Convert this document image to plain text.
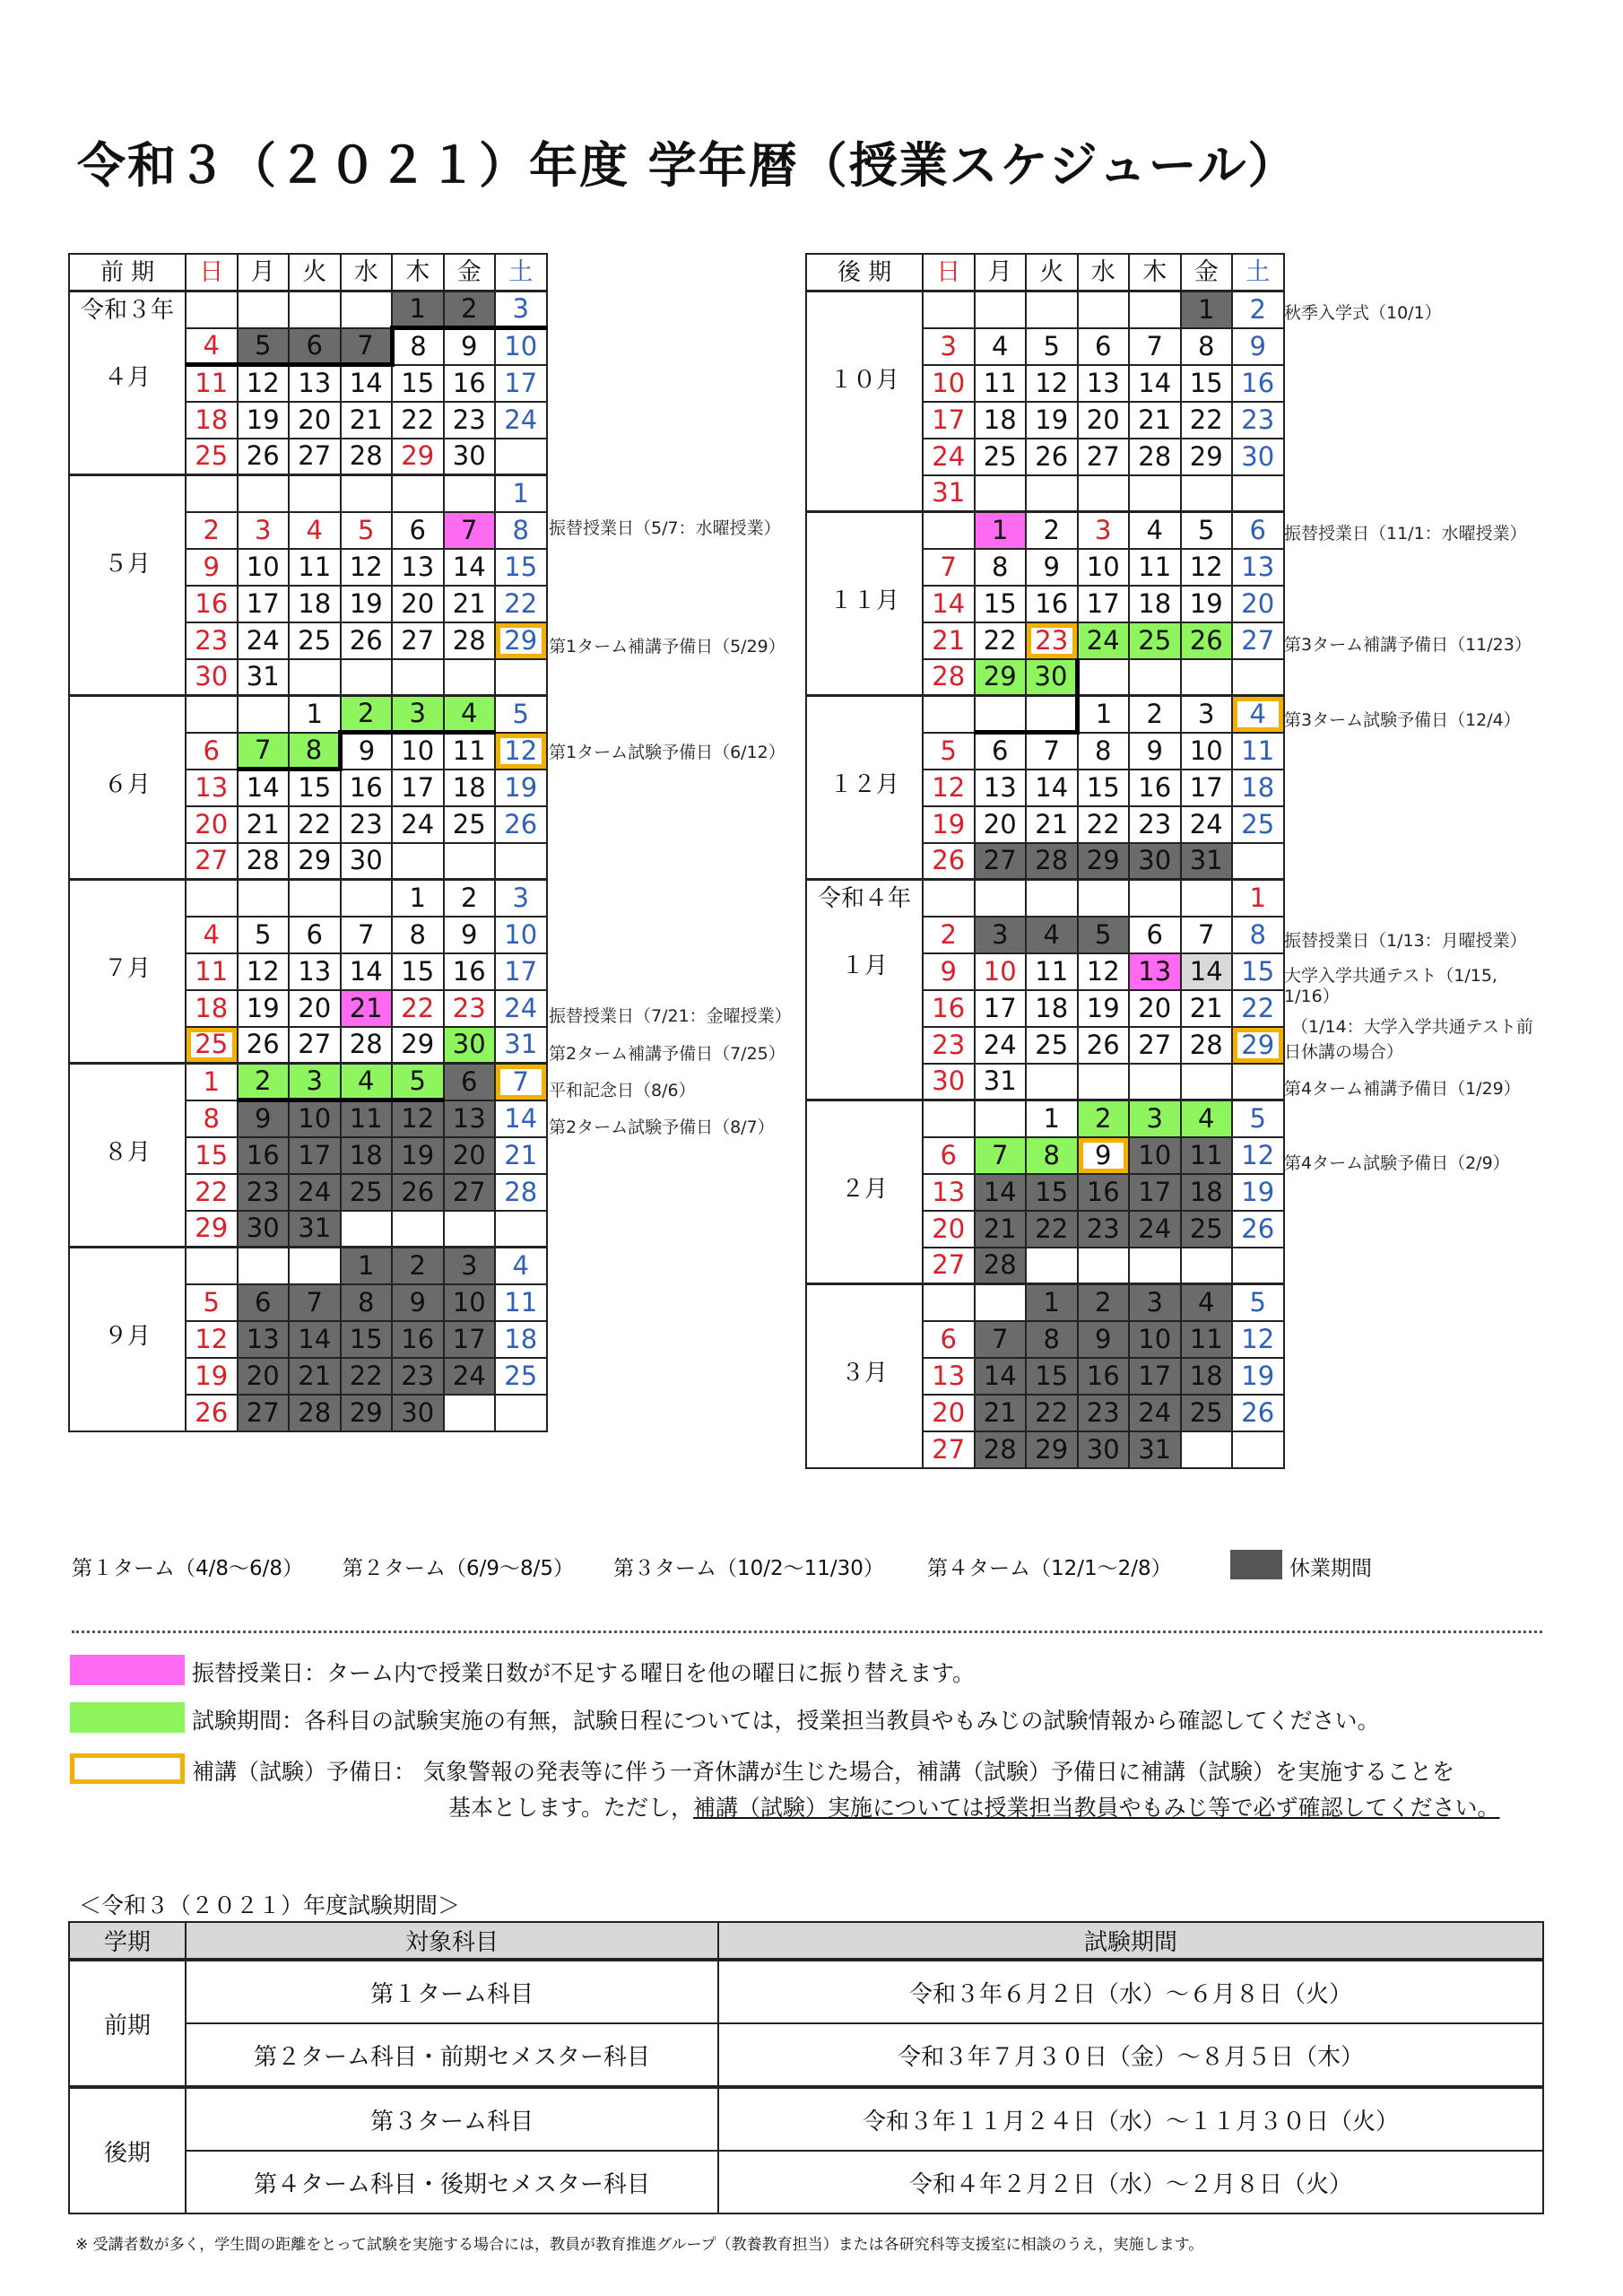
令和３（２０２１）年度 学年暦（授業スケジュール）
前 期	日	月	火	水	木	金	土

令和３年
４月					1	2	3
	4	5	6	7	8	9	10
	11	12	13	14	15	16	17
	18	19	20	21	22	23	24
	25	26	27	28	29	30	

５月							1
	2	3	4	5	6	7	8
	9	10	11	12	13	14	15
	16	17	18	19	20	21	22
	23	24	25	26	27	28	29
	30	31					

６月			1	2	3	4	5
	6	7	8	9	10	11	12
	13	14	15	16	17	18	19
	20	21	22	23	24	25	26
	27	28	29	30			

７月					1	2	3
	4	5	6	7	8	9	10
	11	12	13	14	15	16	17
	18	19	20	21	22	23	24
	25	26	27	28	29	30	31

８月	1	2	3	4	5	6	7
	8	9	10	11	12	13	14
	15	16	17	18	19	20	21
	22	23	24	25	26	27	28
	29	30	31				

９月				1	2	3	4
	5	6	7	8	9	10	11
	12	13	14	15	16	17	18
	19	20	21	22	23	24	25
	26	27	28	29	30		
後 期	日	月	火	水	木	金	土

１０月						1	2
	3	4	5	6	7	8	9
	10	11	12	13	14	15	16
	17	18	19	20	21	22	23
	24	25	26	27	28	29	30
	31						

１１月		1	2	3	4	5	6
	7	8	9	10	11	12	13
	14	15	16	17	18	19	20
	21	22	23	24	25	26	27
	28	29	30				

１２月				1	2	3	4
	5	6	7	8	9	10	11
	12	13	14	15	16	17	18
	19	20	21	22	23	24	25
	26	27	28	29	30	31	

令和４年
１月							1
	2	3	4	5	6	7	8
	9	10	11	12	13	14	15
	16	17	18	19	20	21	22
	23	24	25	26	27	28	29
	30	31					

２月			1	2	3	4	5
	6	7	8	9	10	11	12
	13	14	15	16	17	18	19
	20	21	22	23	24	25	26
	27	28					

３月			1	2	3	4	5
	6	7	8	9	10	11	12
	13	14	15	16	17	18	19
	20	21	22	23	24	25	26
	27	28	29	30	31		
振替授業日（5/7：水曜授業）
第1ターム補講予備日（5/29）
第1ターム試験予備日（6/12）
振替授業日（7/21：金曜授業）
第2ターム補講予備日（7/25）
平和記念日（8/6）
第2ターム試験予備日（8/7）
秋季入学式（10/1）
振替授業日（11/1：水曜授業）
第3ターム補講予備日（11/23）
第3ターム試験予備日（12/4）
振替授業日（1/13：月曜授業）
大学入学共通テスト（1/15,
1/16）
（1/14：大学入学共通テスト前
日休講の場合）
第4ターム補講予備日（1/29）
第4ターム試験予備日（2/9）
第１ターム（4/8～6/8） 第２ターム（6/9～8/5） 第３ターム（10/2～11/30） 第４ターム（12/1～2/8）	休業期間
振替授業日：ターム内で授業日数が不足する曜日を他の曜日に振り替えます。
試験期間：各科目の試験実施の有無，試験日程については，授業担当教員やもみじの試験情報から確認してください。
補講（試験）予備日： 気象警報の発表等に伴う一斉休講が生じた場合，補講（試験）予備日に補講（試験）を実施することを
基本とします。ただし，補講（試験）実施については授業担当教員やもみじ等で必ず確認してください。
＜令和３（２０２１）年度試験期間＞
学期	対象科目	試験期間
前期	第１ターム科目	令和３年６月２日（水）～６月８日（火）
	第２ターム科目・前期セメスター科目	令和３年７月３０日（金）～８月５日（木）
後期	第３ターム科目	令和３年１１月２４日（水）～１１月３０日（火）
	第４ターム科目・後期セメスター科目	令和４年２月２日（水）～２月８日（火）
※ 受講者数が多く，学生間の距離をとって試験を実施する場合には，教員が教育推進グループ（教養教育担当）または各研究科等支援室に相談のうえ，実施します。
